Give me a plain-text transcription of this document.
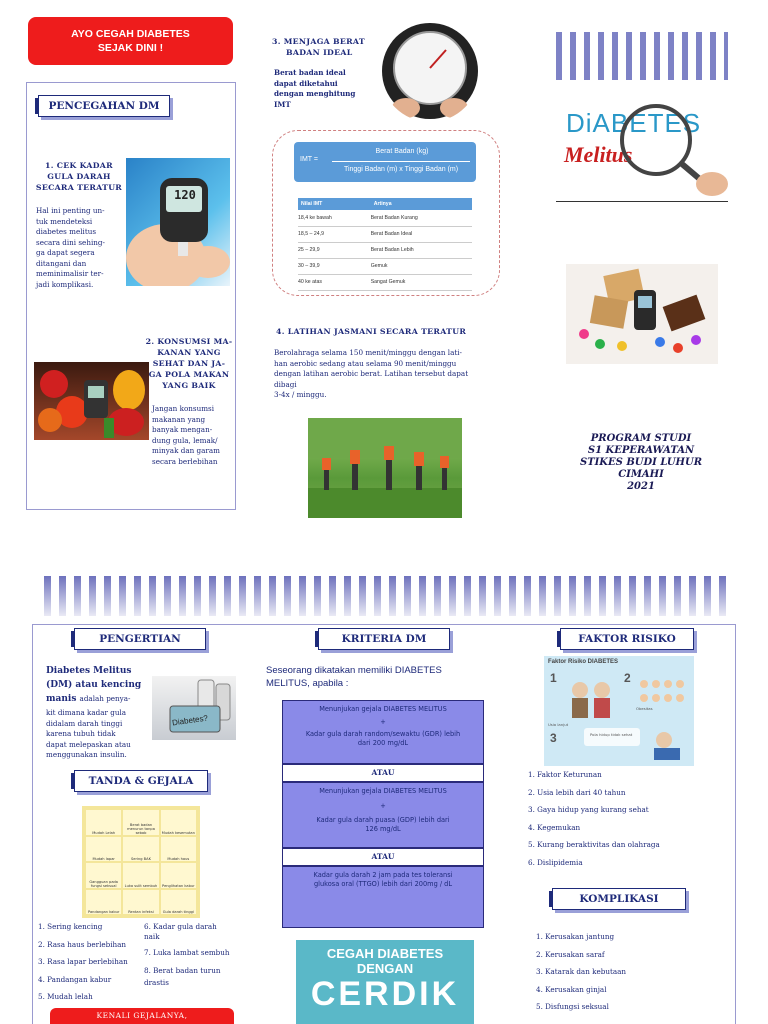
AYO CEGAH DIABETES
SEJAK DINI !
PENCEGAHAN DM
1. CEK KADAR
GULA DARAH
SECARA TERATUR
Hal ini penting un-
tuk mendeteksi
diabetes melitus
secara dini sehing-
ga dapat segera
ditangani dan
meminimalisir ter-
jadi komplikasi.
120
2. KONSUMSI MA-
KANAN YANG
SEHAT DAN JA-
GA POLA MAKAN
YANG BAIK
Jangan konsumsi
makanan yang
banyak mengan-
dung gula, lemak/
minyak dan garam
secara berlebihan
3. MENJAGA BERAT
BADAN IDEAL
Berat badan ideal
dapat diketahui
dengan menghitung
IMT
IMT =
Berat Badan (kg)
Tinggi Badan (m) x Tinggi Badan (m)
Nilai IMT	Artinya
18,4 ke bawah	Berat Badan Kurang
18,5 – 24,9	Berat Badan Ideal
25 – 29,9	Berat Badan Lebih
30 – 39,9	Gemuk
40 ke atas	Sangat Gemuk
4. LATIHAN JASMANI SECARA TERATUR
Berolahraga selama 150 menit/minggu dengan lati-
han aerobic sedang atau selama 90 menit/minggu
dengan latihan aerobic berat. Latihan tersebut dapat
dibagi
3-4x / minggu.
DiABETES
Melitus
PROGRAM STUDI
S1 KEPERAWATAN
STIKES BUDI LUHUR
CIMAHI
2021
PENGERTIAN
Diabetes Melitus
(DM) atau kencing
manis adalah penya-
kit dimana kadar gula
didalam darah tinggi
karena tubuh tidak
dapat melepaskan atau
menggunakan insulin.
Diabetes?
TANDA & GEJALA
Mudah Lelah
Berat badan menurun tanpa sebab	Mudah kesemutan
Mudah lapar	Sering BAK	Mudah haus
Gangguan pada fungsi seksual	Luka sulit sembuh Penglihatan kabur
Pandangan kabur Rentan infeksi Gula darah tinggi
1. Sering kencing
2. Rasa haus berlebihan
3. Rasa lapar berlebihan
4. Pandangan kabur
5. Mudah lelah
6. Kadar gula darah
naik
7. Luka lambat sembuh
8. Berat badan turun
drastis
KENALI GEJALANYA,
KRITERIA DM
Seseorang dikatakan memiliki DIABETES
MELITUS, apabila :
Menunjukan gejala DIABETES MELITUS
+
Kadar gula darah random/sewaktu (GDR) lebih
dari 200 mg/dL
ATAU
Menunjukan gejala DIABETES MELITUS
+
Kadar gula darah puasa (GDP) lebih dari
126 mg/dL
ATAU
Kadar gula darah 2 jam pada tes toleransi
glukosa oral (TTGO) lebih dari 200mg / dL
CEGAH DIABETES
DENGAN
CERDIK
FAKTOR RISIKO
Faktor Risiko DIABETES
1	2
3
Usia lanjut
Obesitas
Pola hidup tidak sehat
1. Faktor Keturunan
2. Usia lebih dari 40 tahun
3. Gaya hidup yang kurang sehat
4. Kegemukan
5. Kurang beraktivitas dan olahraga
6. Dislipidemia
KOMPLIKASI
1. Kerusakan jantung
2. Kerusakan saraf
3. Katarak dan kebutaan
4. Kerusakan ginjal
5. Disfungsi seksual
